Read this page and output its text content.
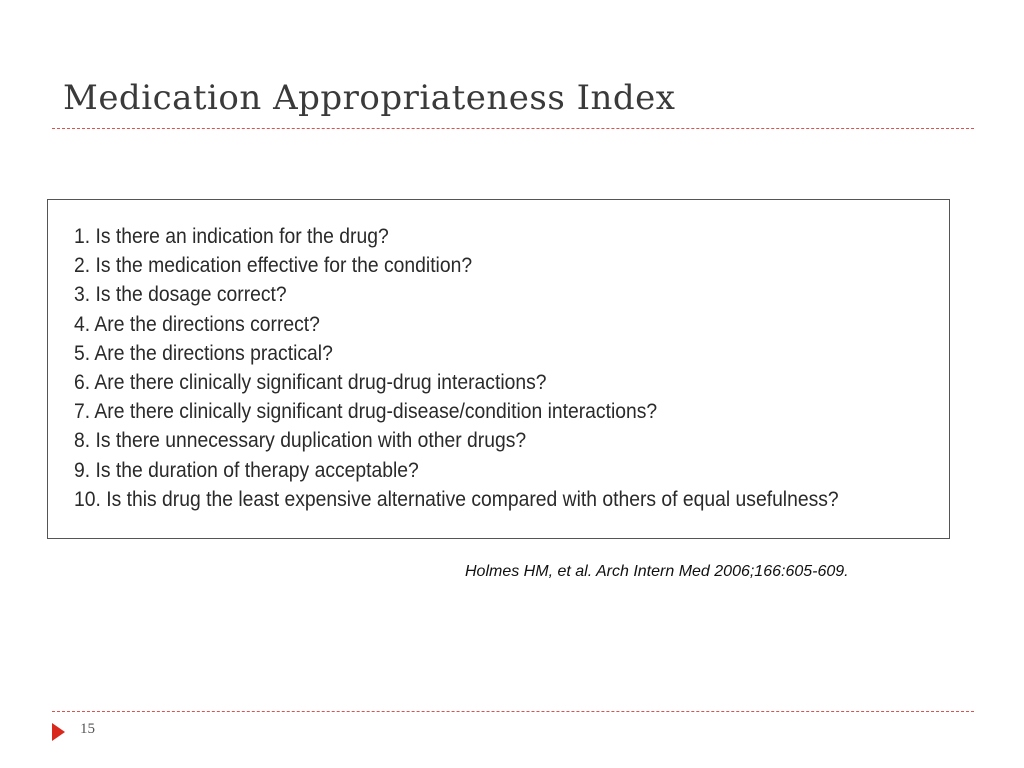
Medication Appropriateness Index
1. Is there an indication for the drug?
2. Is the medication effective for the condition?
3. Is the dosage correct?
4. Are the directions correct?
5. Are the directions practical?
6. Are there clinically significant drug-drug interactions?
7. Are there clinically significant drug-disease/condition interactions?
8. Is there unnecessary duplication with other drugs?
9. Is the duration of therapy acceptable?
10. Is this drug the least expensive alternative compared with others of equal usefulness?
Holmes HM, et al. Arch Intern Med 2006;166:605-609.
15
